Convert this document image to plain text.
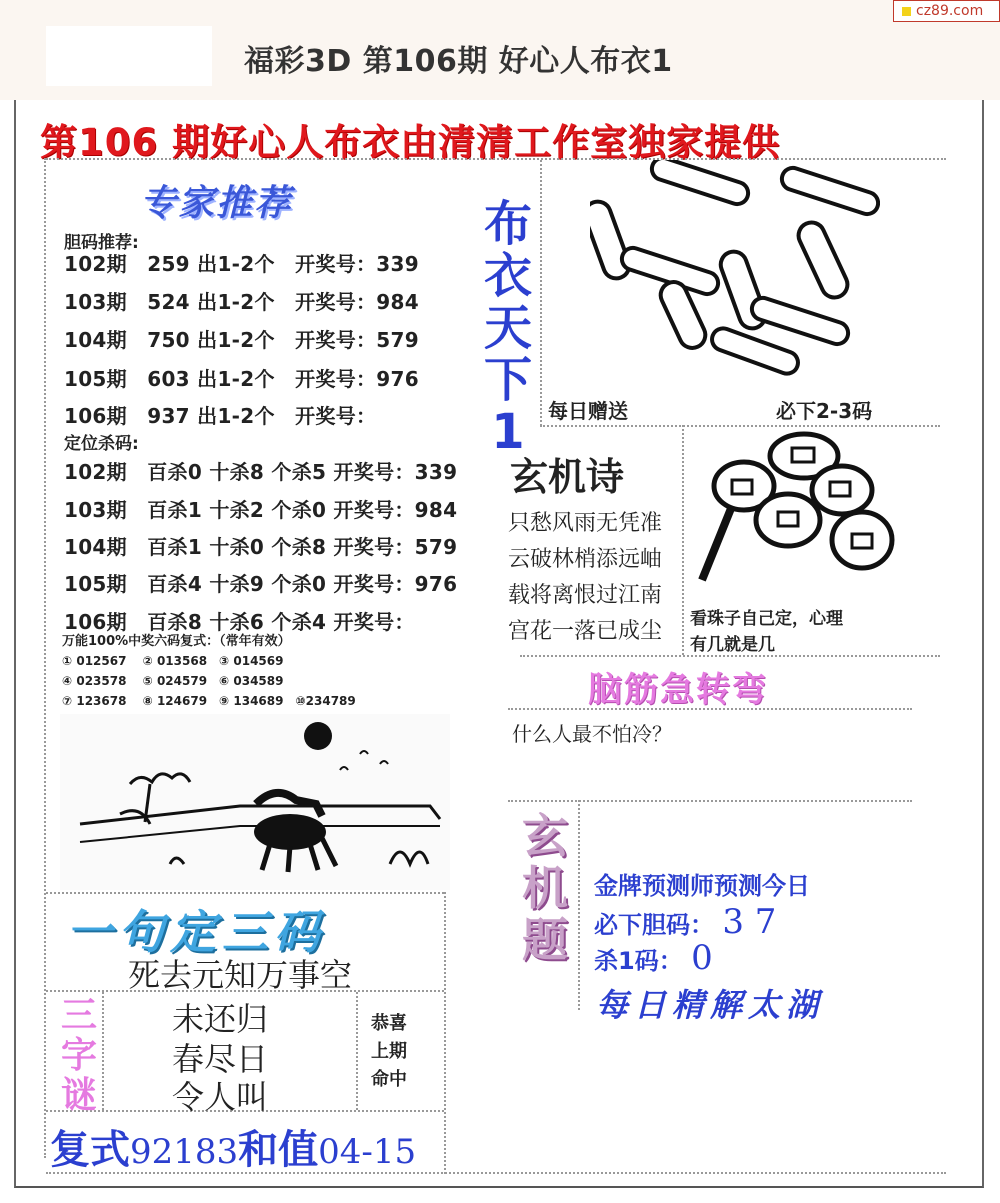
福彩3D 第106期 好心人布衣1
cz89.com
第106 期好心人布衣由清清工作室独家提供
专家推荐
胆码推荐:
102期　259 出1-2个　开奖号：339
103期　524 出1-2个　开奖号：984
104期　750 出1-2个　开奖号：579
105期　603 出1-2个　开奖号：976
106期　937 出1-2个　开奖号：
定位杀码:
102期　百杀0 十杀8 个杀5 开奖号：339
103期　百杀1 十杀2 个杀0 开奖号：984
104期　百杀1 十杀0 个杀8 开奖号：579
105期　百杀4 十杀9 个杀0 开奖号：976
106期　百杀8 十杀6 个杀4 开奖号：
万能100%中奖六码复式：（常年有效）
① 012567　 ② 013568　③ 014569
④ 023578　 ⑤ 024579　⑥ 034589
⑦ 123678　 ⑧ 124679　⑨ 134689　⑩234789
布
衣
天
下
1	每日赠送	必下2-3码
玄机诗
只愁风雨无凭准
云破林梢添远岫
载将离恨过江南
宫花一落已成尘 看珠子自己定，心理
有几就是几
脑筋急转弯
什么人最不怕冷？
玄
机
题
金牌预测师预测今日
必下胆码： 3 7
杀1码： 0
每日精解太湖
一句定三码
死去元知万事空
三
字
谜
未还归
春尽日
令人叫
恭喜
上期
命中
复式92183和值04-15
